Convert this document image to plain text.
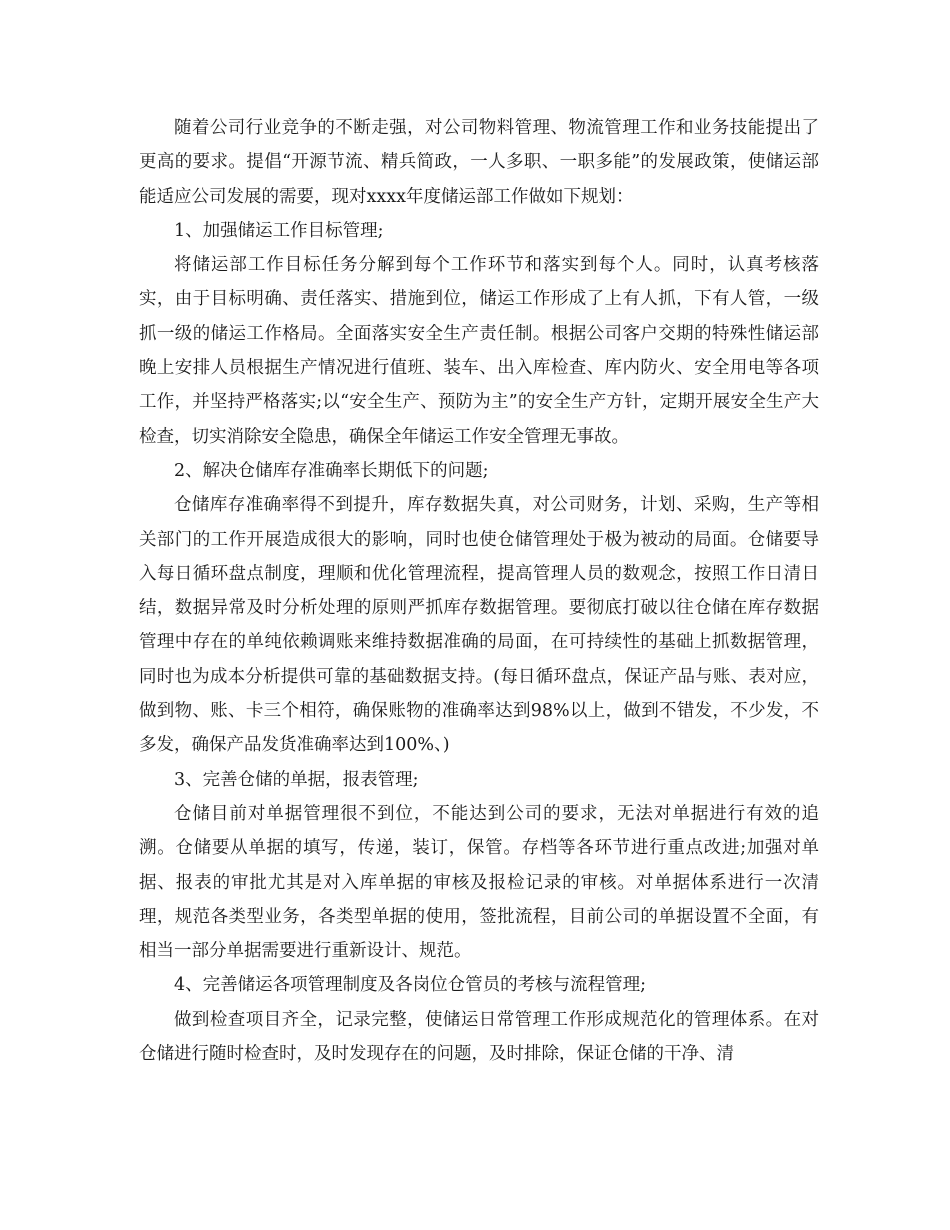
随着公司行业竞争的不断走强，对公司物料管理、物流管理工作和业务技能提出了更高的要求。提倡“开源节流、精兵简政，一人多职、一职多能”的发展政策，使储运部能适应公司发展的需要，现对xxxx年度储运部工作做如下规划：

1、加强储运工作目标管理;

将储运部工作目标任务分解到每个工作环节和落实到每个人。同时，认真考核落实，由于目标明确、责任落实、措施到位，储运工作形成了上有人抓，下有人管，一级抓一级的储运工作格局。全面落实安全生产责任制。根据公司客户交期的特殊性储运部晚上安排人员根据生产情况进行值班、装车、出入库检查、库内防火、安全用电等各项工作，并坚持严格落实;以“安全生产、预防为主”的安全生产方针，定期开展安全生产大检查，切实消除安全隐患，确保全年储运工作安全管理无事故。

2、解决仓储库存准确率长期低下的问题;

仓储库存准确率得不到提升，库存数据失真，对公司财务，计划、采购，生产等相关部门的工作开展造成很大的影响，同时也使仓储管理处于极为被动的局面。仓储要导入每日循环盘点制度，理顺和优化管理流程，提高管理人员的数观念，按照工作日清日结，数据异常及时分析处理的原则严抓库存数据管理。要彻底打破以往仓储在库存数据管理中存在的单纯依赖调账来维持数据准确的局面，在可持续性的基础上抓数据管理，同时也为成本分析提供可靠的基础数据支持。(每日循环盘点，保证产品与账、表对应，做到物、账、卡三个相符，确保账物的准确率达到98%以上，做到不错发，不少发，不多发，确保产品发货准确率达到100%、)

3、完善仓储的单据，报表管理;

仓储目前对单据管理很不到位，不能达到公司的要求，无法对单据进行有效的追溯。仓储要从单据的填写，传递，装订，保管。存档等各环节进行重点改进;加强对单据、报表的审批尤其是对入库单据的审核及报检记录的审核。对单据体系进行一次清理，规范各类型业务，各类型单据的使用，签批流程，目前公司的单据设置不全面，有相当一部分单据需要进行重新设计、规范。

4、完善储运各项管理制度及各岗位仓管员的考核与流程管理;

做到检查项目齐全，记录完整，使储运日常管理工作形成规范化的管理体系。在对仓储进行随时检查时，及时发现存在的问题，及时排除，保证仓储的干净、清
